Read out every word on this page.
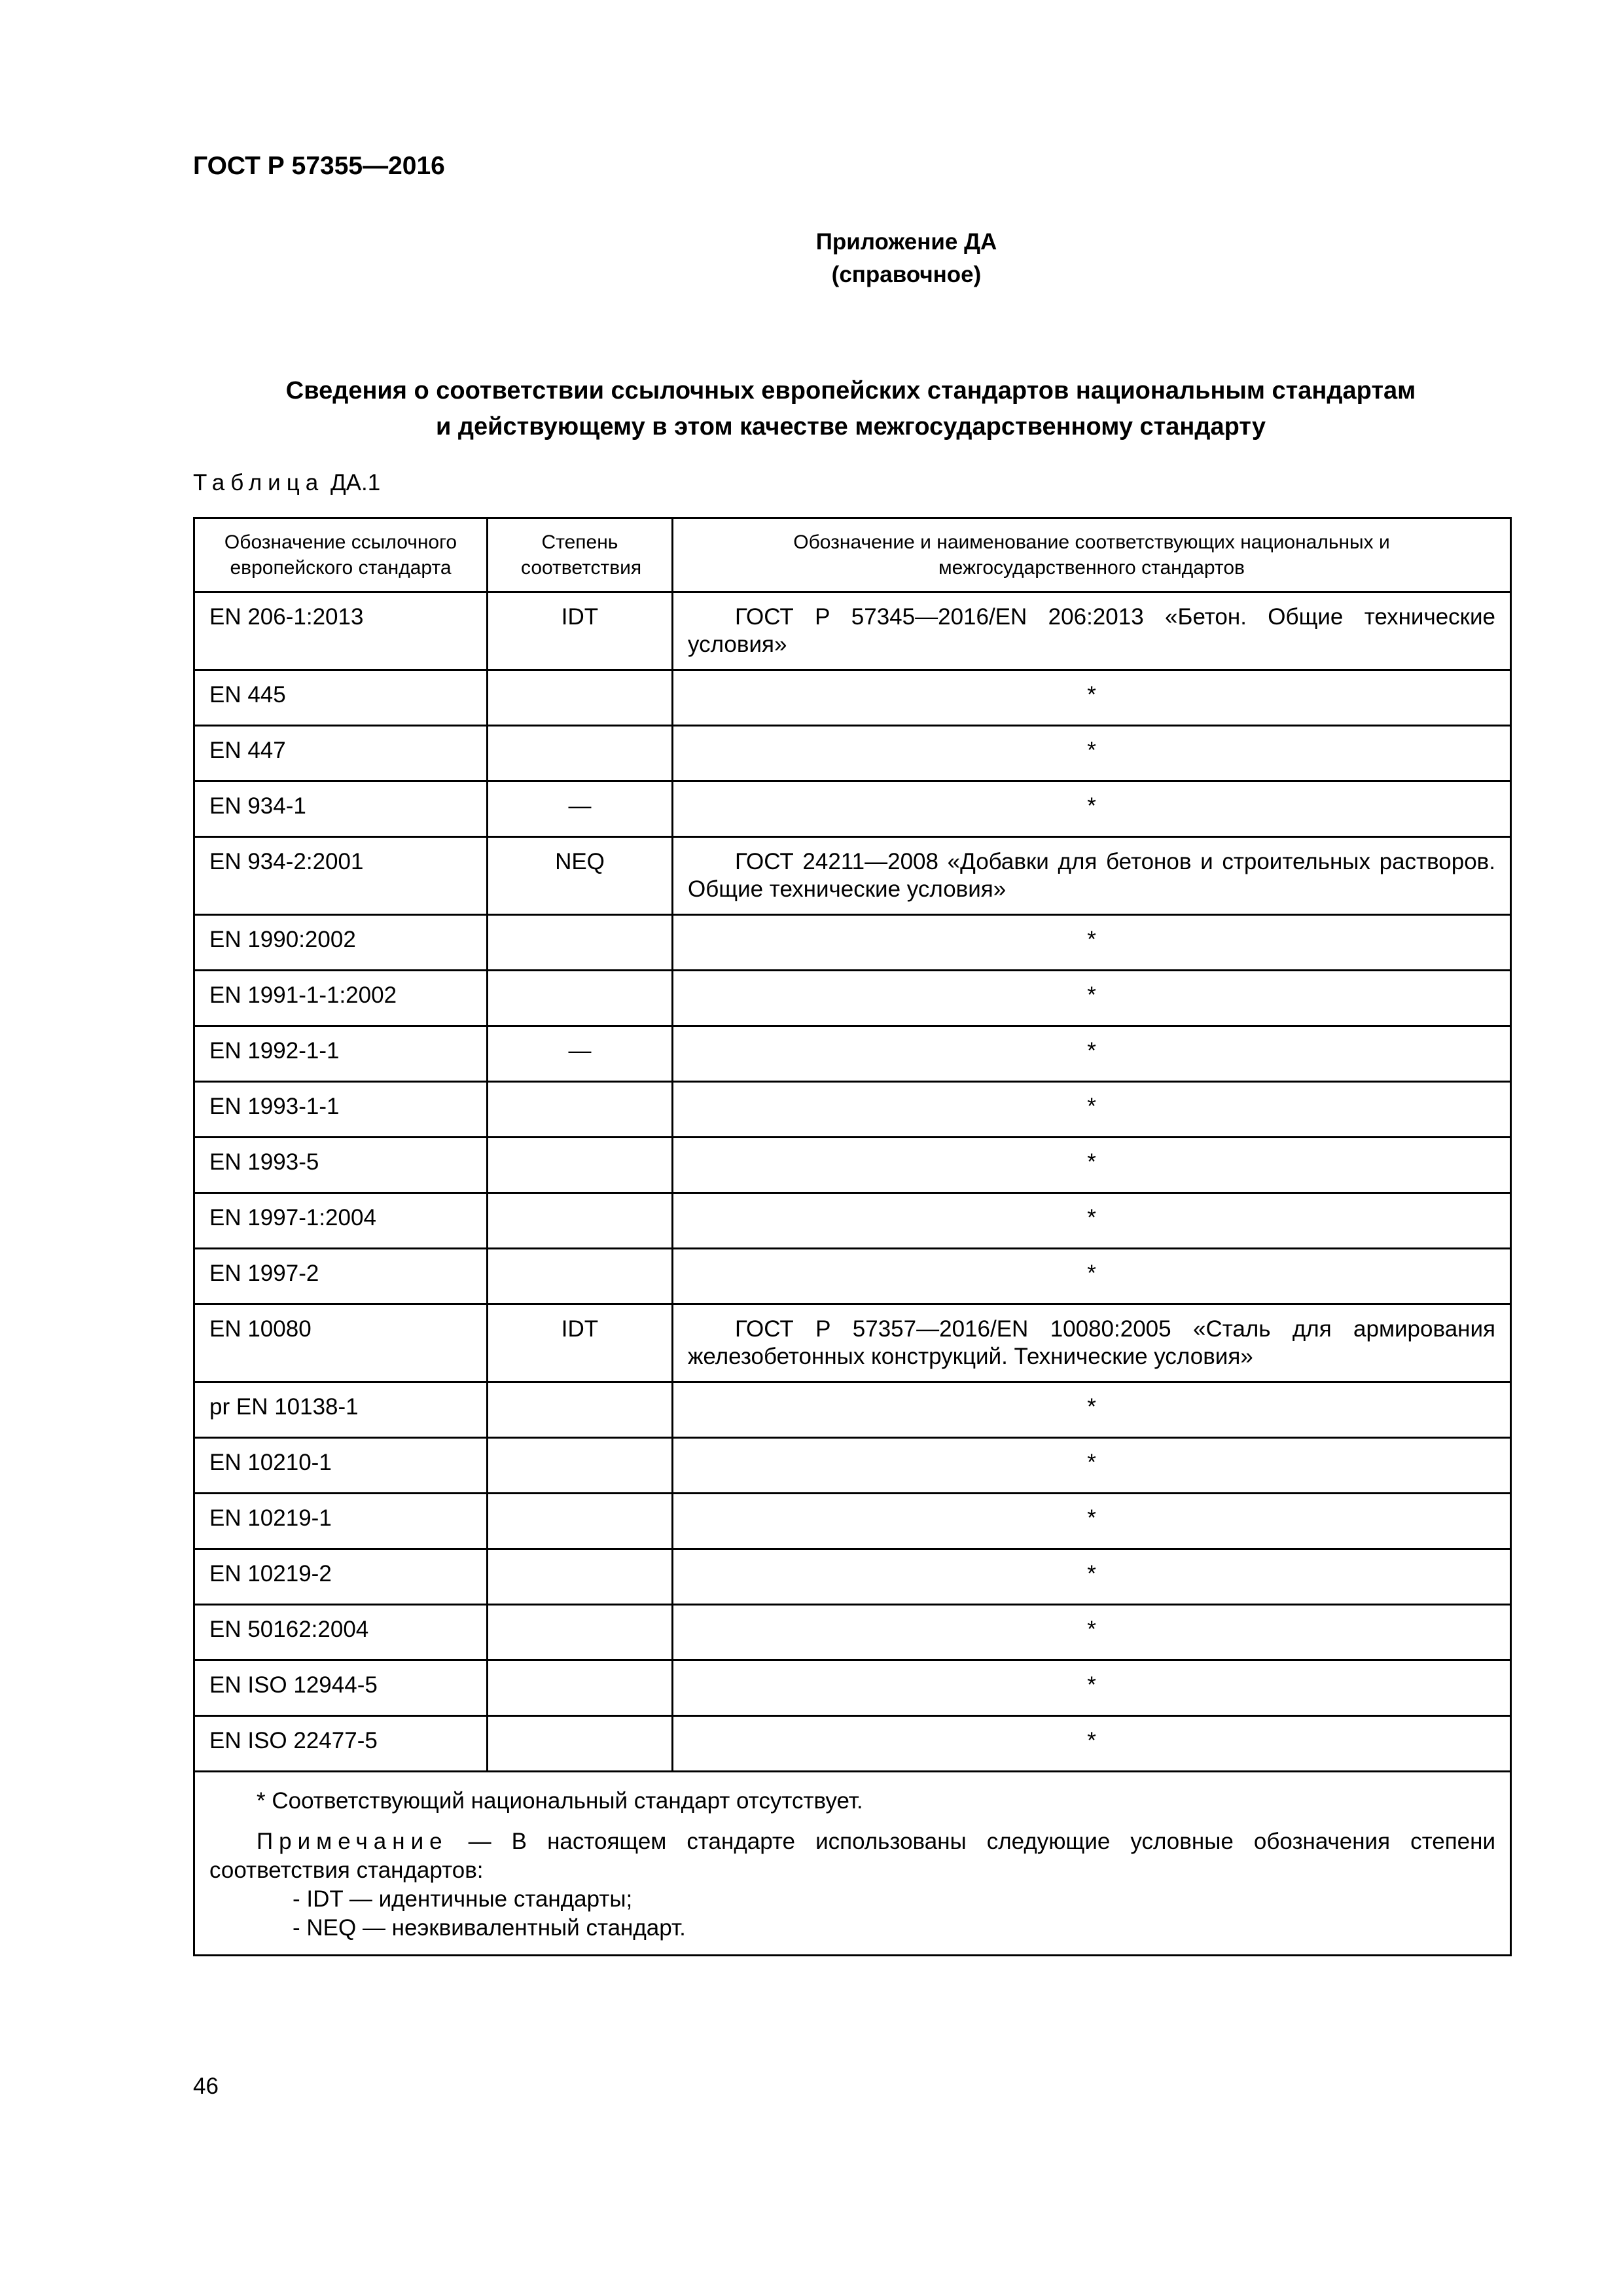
ГОСТ Р 57355—2016
Приложение ДА
(справочное)
Сведения о соответствии ссылочных европейских стандартов национальным стандартам
и действующему в этом качестве межгосударственному стандарту
Таблица ДА.1
Обозначение ссылочного европейского стандарта	Степень соответствия	Обозначение и наименование соответствующих национальных и межгосударственного стандартов
EN 206-1:2013	IDT	ГОСТ Р 57345—2016/EN 206:2013 «Бетон. Общие технические условия»
EN 445		*
EN 447		*
EN 934-1	—	*
EN 934-2:2001	NEQ	ГОСТ 24211—2008 «Добавки для бетонов и строительных растворов. Общие технические условия»
EN 1990:2002		*
EN 1991-1-1:2002		*
EN 1992-1-1	—	*
EN 1993-1-1		*
EN 1993-5		*
EN 1997-1:2004		*
EN 1997-2		*
EN 10080	IDT	ГОСТ Р 57357—2016/EN 10080:2005 «Сталь для армирования железобетонных конструкций. Технические условия»
pr EN 10138-1		*
EN 10210-1		*
EN 10219-1		*
EN 10219-2		*
EN 50162:2004		*
EN ISO 12944-5		*
EN ISO 22477-5		*

* Соответствующий национальный стандарт отсутствует.

Примечание — В настоящем стандарте использованы следующие условные обозначения степени соответствия стандартов:

- IDT — идентичные стандарты;

- NEQ — неэквивалентный стандарт.		

46
